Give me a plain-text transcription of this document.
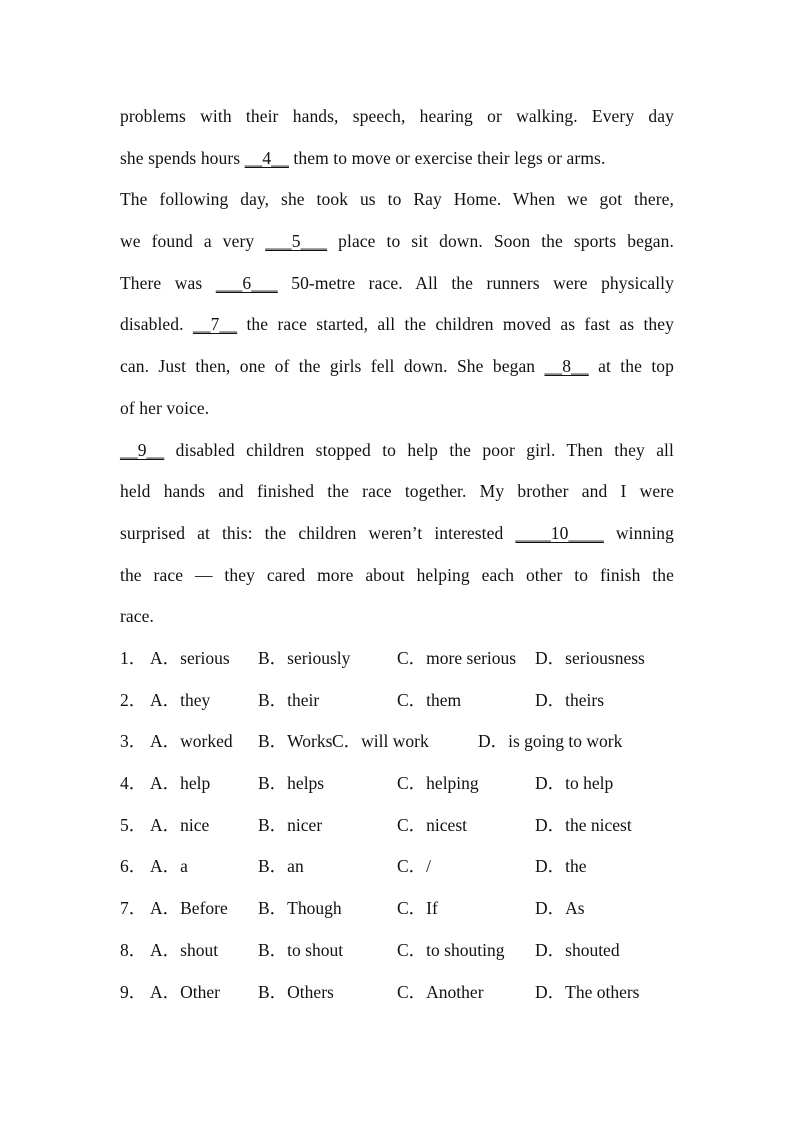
problems with their hands, speech, hearing or walking. Every day
she spends hours __4__ them to move or exercise their legs or arms.
The following day, she took us to Ray Home. When we got there,
we found a very ___5___ place to sit down. Soon the sports began.
There was ___6___ 50-metre race. All the runners were physically
disabled. __7__ the race started, all the children moved as fast as they
can. Just then, one of the girls fell down. She began __8__ at the top
of her voice.
__9__ disabled children stopped to help the poor girl. Then they all
held hands and finished the race together. My brother and I were
surprised at this: the children weren’t interested ____10____ winning
the race — they cared more about helping each other to finish the
race.
1． A．serious B．seriously	C．more serious D．seriousness
2． A．they	B．their	C．them	D．theirs
3． A．worked B．Works C．will work	D．is going to work
4． A．help	B．helps	C．helping	D．to help
5． A．nice	B．nicer	C．nicest	D．the nicest
6． A．a	B．an	C．/	D．the
7． A．Before B．Though	C．If	D．As
8． A．shout B．to shout	C．to shouting D．shouted
9． A．Other B．Others	C．Another	D．The others
